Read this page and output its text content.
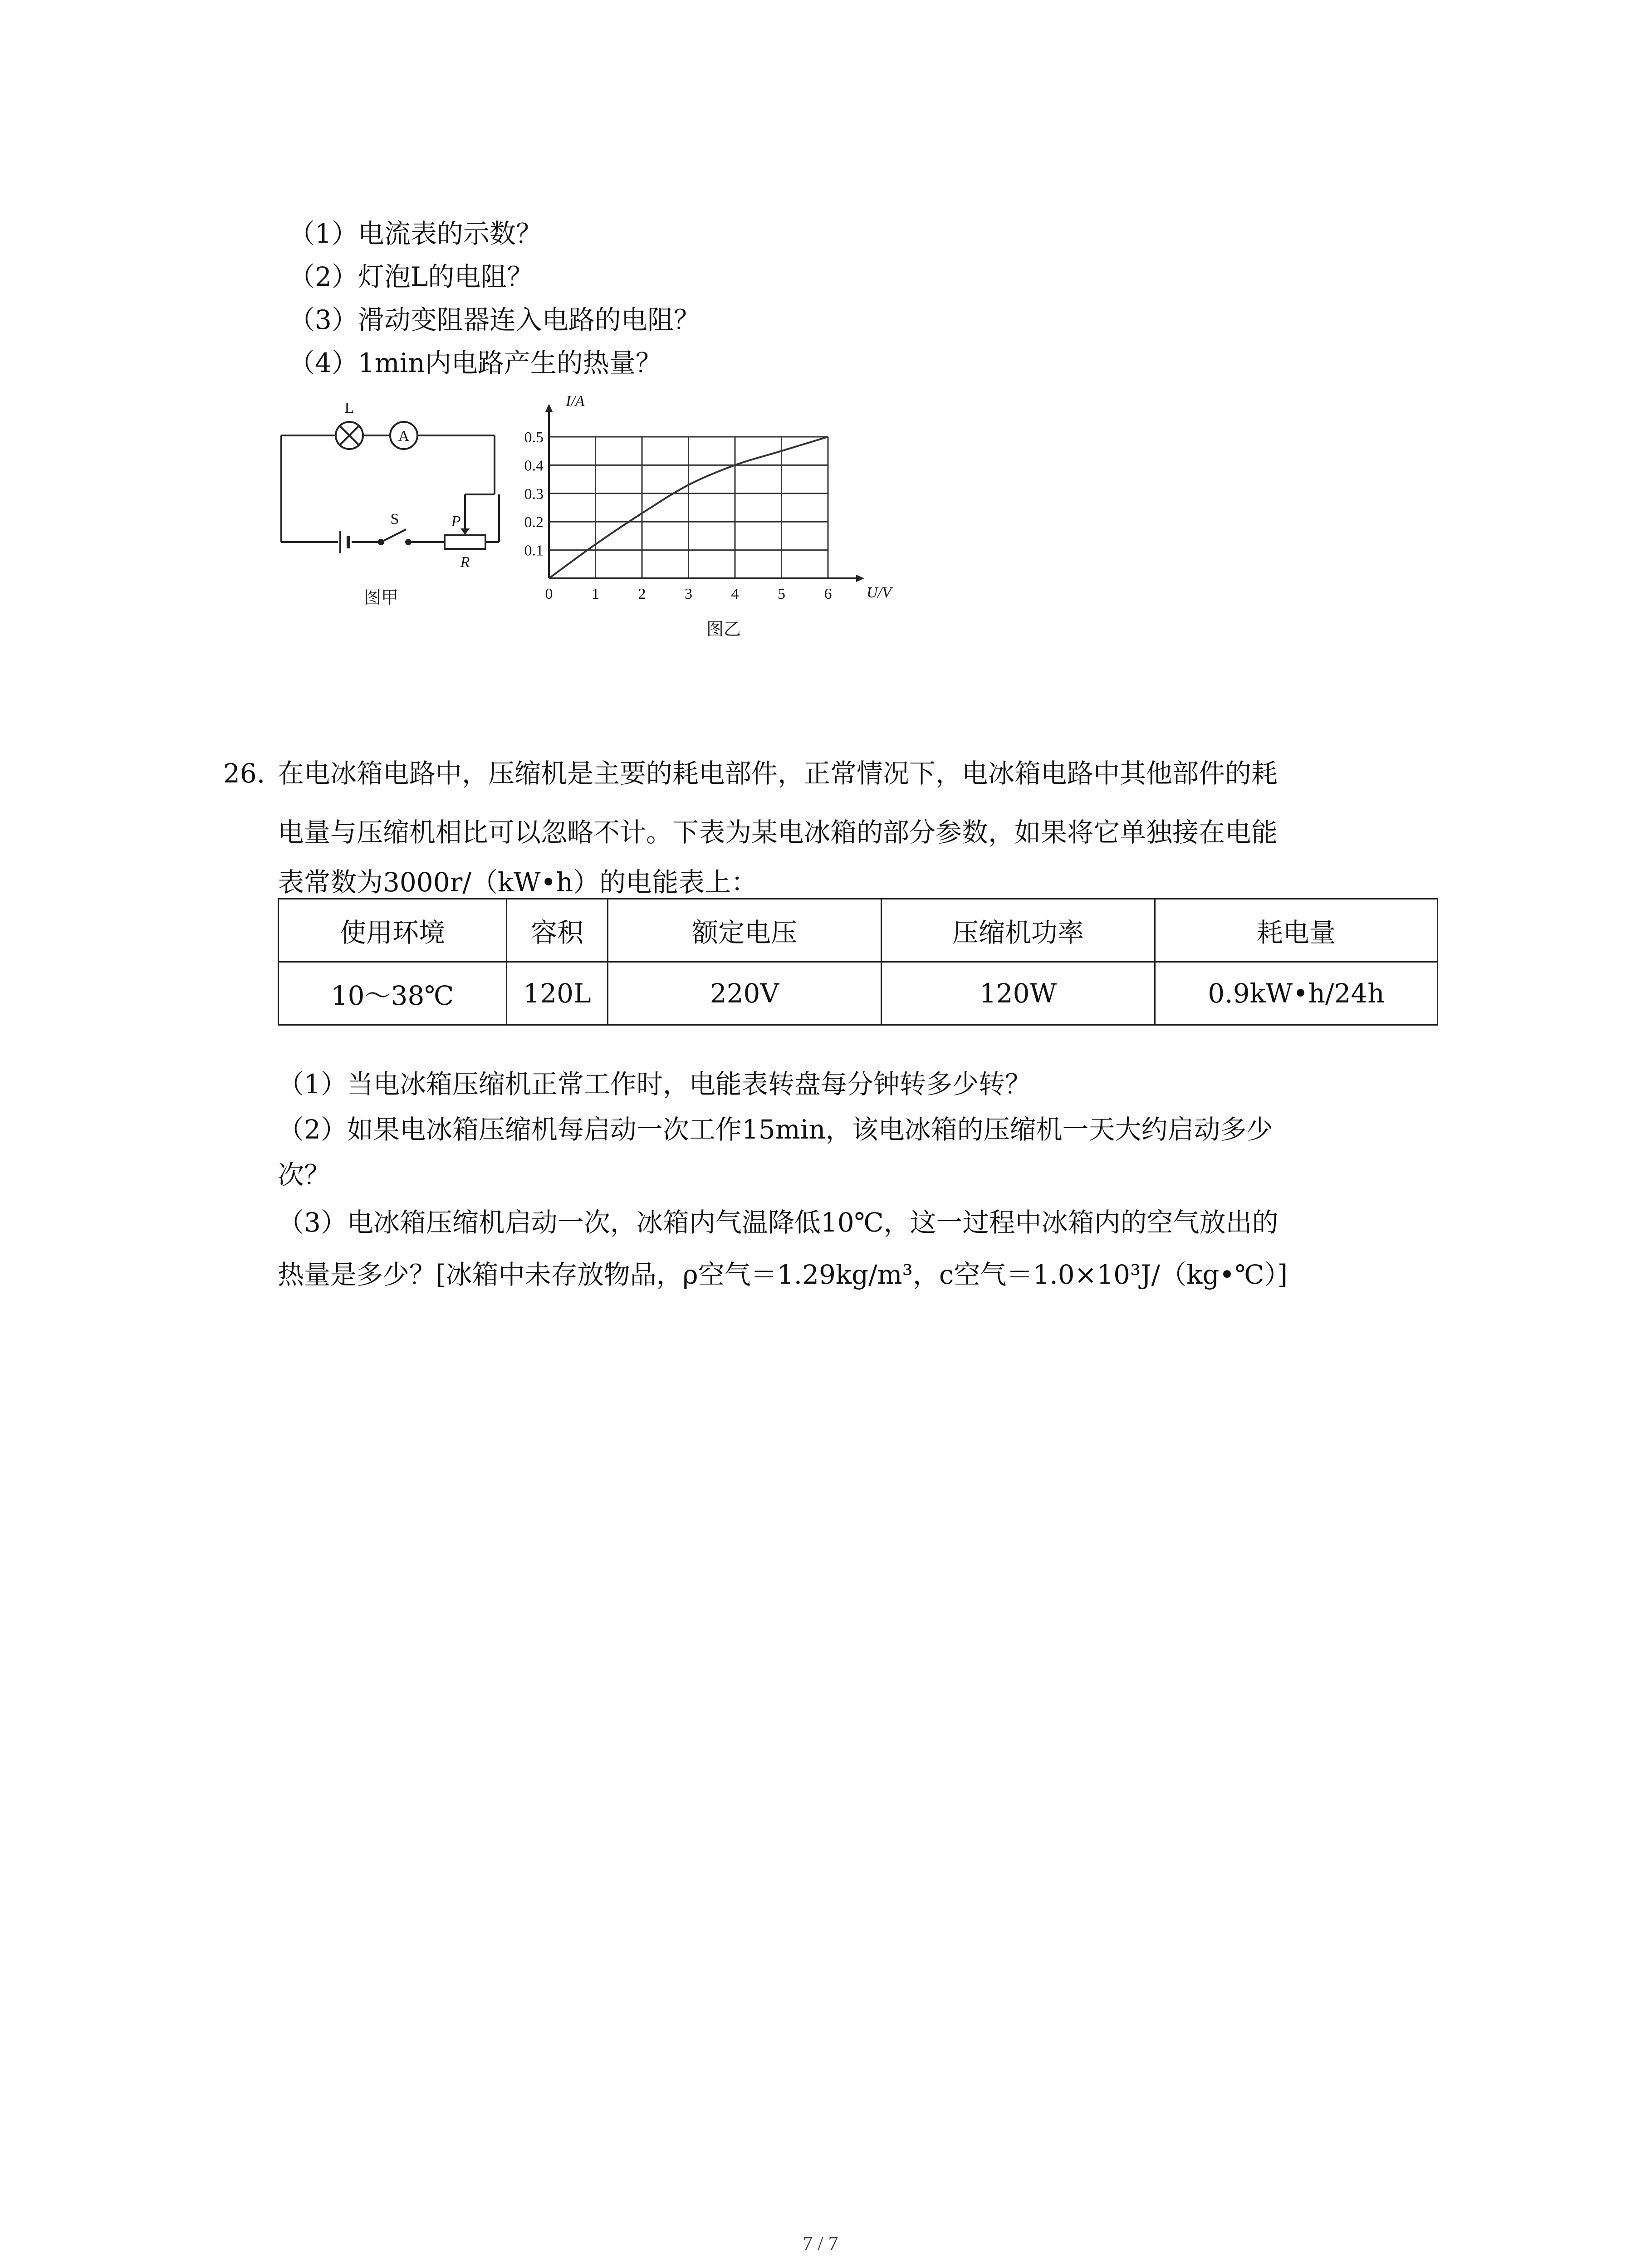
（1）电流表的示数？
（2）灯泡L的电阻？
（3）滑动变阻器连入电路的电阻？
（4）1min内电路产生的热量？
A
L
S	P
R
图甲	0	1	2	3	4	5	6
0.1
0.2
0.3
0.4
0.5
I/A
U/V
图乙
26. 在电冰箱电路中，压缩机是主要的耗电部件，正常情况下，电冰箱电路中其他部件的耗
电量与压缩机相比可以忽略不计。下表为某电冰箱的部分参数，如果将它单独接在电能
表常数为3000r/（kW•h）的电能表上：
使用环境	容积	额定电压	压缩机功率	耗电量
10～38℃	120L	220V	120W	0.9kW•h/24h
（1）当电冰箱压缩机正常工作时，电能表转盘每分钟转多少转？
（2）如果电冰箱压缩机每启动一次工作15min，该电冰箱的压缩机一天大约启动多少
次？
（3）电冰箱压缩机启动一次，冰箱内气温降低10℃，这一过程中冰箱内的空气放出的
热量是多少？[冰箱中未存放物品，ρ空气＝1.29kg/m³，c空气＝1.0×10³J/（kg•℃）]
7 / 7
